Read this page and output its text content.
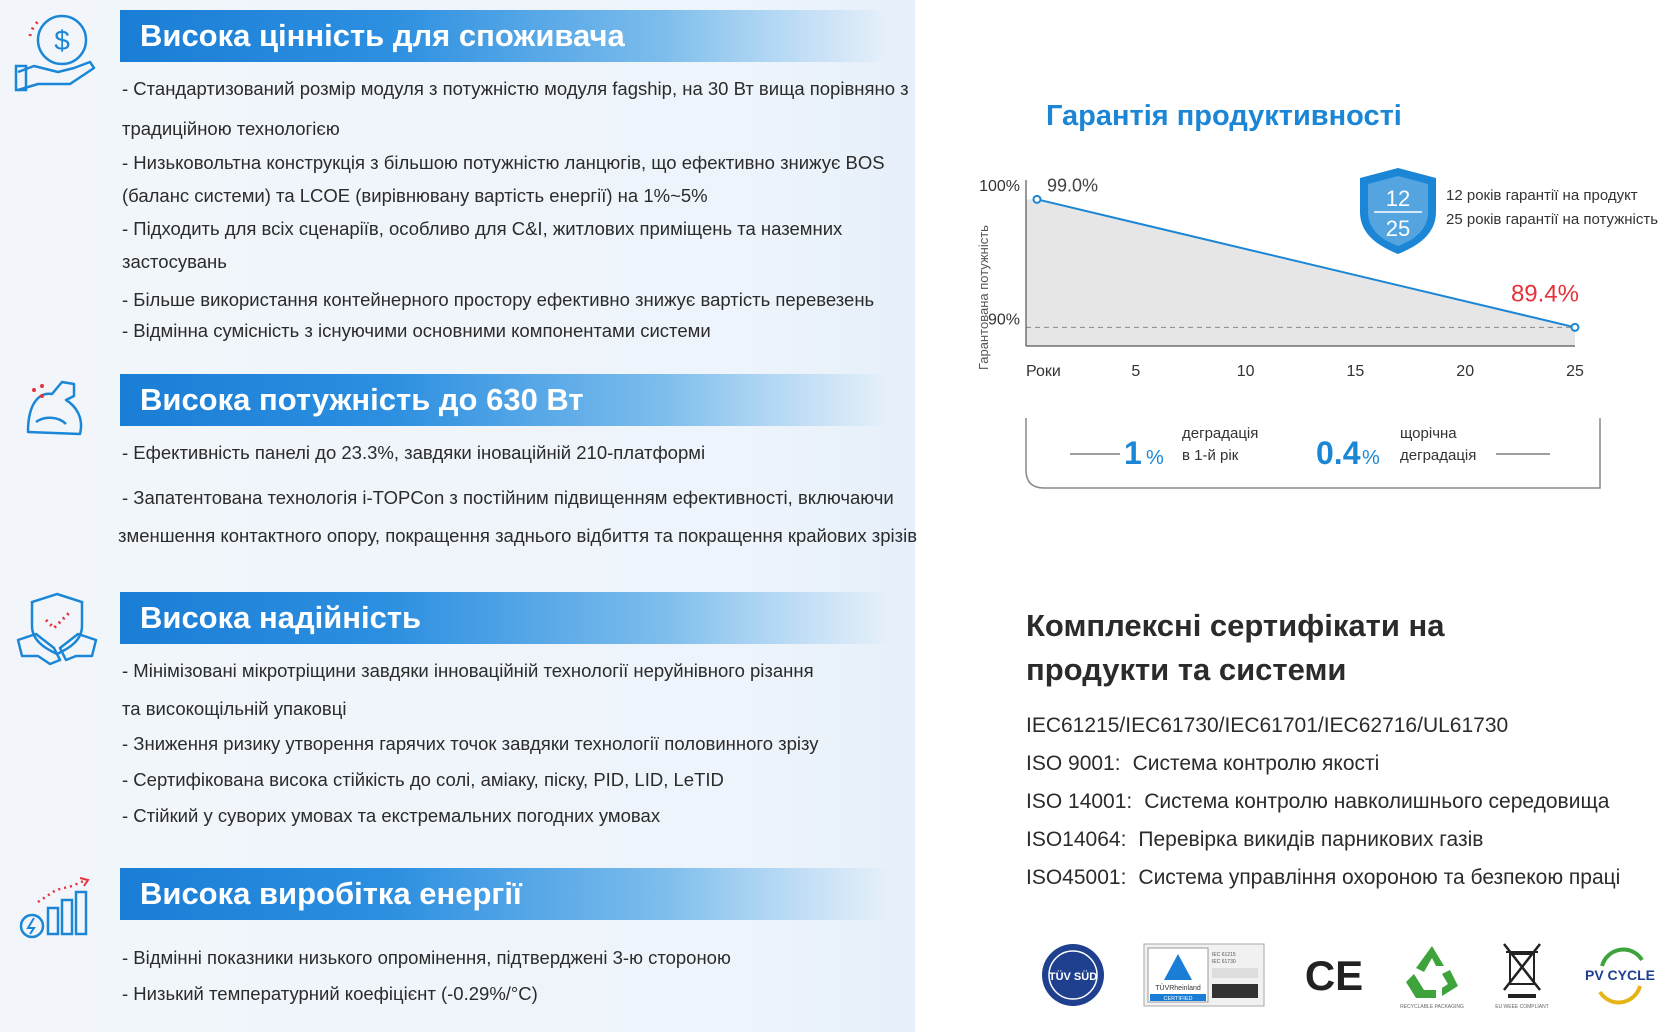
$ Висока цінність для споживача
- Стандартизований розмір модуля з потужністю модуля fagship, на 30 Вт вища порівняно з
традиційною технологією
- Низьковольтна конструкція з більшою потужністю ланцюгів, що ефективно знижує BOS
(баланс системи) та LCOE (вирівнювану вартість енергії) на 1%~5%
- Підходить для всіх сценаріїв, особливо для C&I, житлових приміщень та наземних
застосувань
- Більше використання контейнерного простору ефективно знижує вартість перевезень
- Відмінна сумісність з існуючими основними компонентами системи
Висока потужність до 630 Вт
- Ефективність панелі до 23.3%, завдяки іноваційній 210-платформі
- Запатентована технологія i-TOPCon з постійним підвищенням ефективності, включаючи
зменшення контактного опору, покращення заднього відбиття та покращення крайових зрізів
Висока надійність
- Мінімізовані мікротріщини завдяки інноваційній технології неруйнівного різання
та високощільній упаковці
- Зниження ризику утворення гарячих точок завдяки технології половинного зрізу
- Сертифікована висока стійкість до солі, аміаку, піску, PID, LID, LeTID
- Стійкий у суворих умовах та екстремальних погодних умовах
Висока виробітка енергії
- Відмінні показники низького опромінення, підтверджені 3-ю стороною
- Низький температурний коефіцієнт (-0.29%/°C)
Гарантія продуктивності
Гарантована потужність
100%
90%
Роки	5	10	15	20	25
99.0%
89.4%
1 %
деградація
в 1-й рік 0.4 %
щорічна
деградація
12
25
12 років гарантії на продукт
25 років гарантії на потужність
Комплексні сертифікати на
продукти та системи
IEC61215/IEC61730/IEC61701/IEC62716/UL61730
ISO 9001: Система контролю якості
ISO 14001: Система контролю навколишнього середовища
ISO14064: Перевірка викидів парникових газів
ISO45001: Система управління охороною та безпекою праці
TÜV SÜD
TÜVRheinland
CERTIFIED
IEC 61215
IEC 61730 CE
RECYCLABLE PACKAGING	EU WEEE COMPLIANT
PV CYCLE
